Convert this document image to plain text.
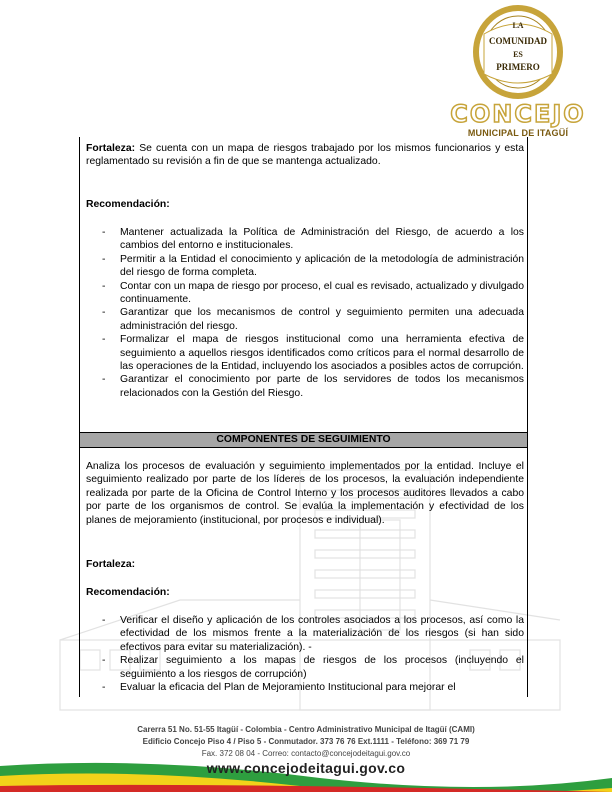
LA
COMUNIDAD
ES
PRIMERO
CONCEJO
MUNICIPAL DE ITAGÜÍ
Fortaleza: Se cuenta con un mapa de riesgos trabajado por los mismos funcionarios y esta reglamentado su revisión a fin de que se mantenga actualizado.
Recomendación:
- Mantener actualizada la Política de Administración del Riesgo, de acuerdo a los cambios del entorno e institucionales.
- Permitir a la Entidad el conocimiento y aplicación de la metodología de administración del riesgo de forma completa.
- Contar con un mapa de riesgo por proceso, el cual es revisado, actualizado y divulgado continuamente.
- Garantizar que los mecanismos de control y seguimiento permiten una adecuada administración del riesgo.
- Formalizar el mapa de riesgos institucional como una herramienta efectiva de seguimiento a aquellos riesgos identificados como críticos para el normal desarrollo de las operaciones de la Entidad, incluyendo los asociados a posibles actos de corrupción.
- Garantizar el conocimiento por parte de los servidores de todos los mecanismos relacionados con la Gestión del Riesgo.
COMPONENTES DE SEGUIMIENTO
Analiza los procesos de evaluación y seguimiento implementados por la entidad. Incluye el seguimiento realizado por parte de los líderes de los procesos, la evaluación independiente realizada por parte de la Oficina de Control Interno y los procesos auditores llevados a cabo por parte de los organismos de control. Se evalúa la implementación y efectividad de los planes de mejoramiento (institucional, por procesos e individual).
Fortaleza:
Recomendación:
- Verificar el diseño y aplicación de los controles asociados a los procesos, así como la efectividad de los mismos frente a la materialización de los riesgos (si han sido efectivos para evitar su materialización). -
- Realizar seguimiento a los mapas de riesgos de los procesos (incluyendo el seguimiento a los riesgos de corrupción)
- Evaluar la eficacia del Plan de Mejoramiento Institucional para mejorar el
Carerra 51 No. 51-55 Itagüí - Colombia - Centro Administrativo Municipal de Itagüí (CAMI)
Edificio Concejo Piso 4 / Piso 5 - Conmutador. 373 76 76 Ext.1111 - Teléfono: 369 71 79
Fax. 372 08 04 - Correo: contacto@concejodeitagui.gov.co
www.concejodeitagui.gov.co
